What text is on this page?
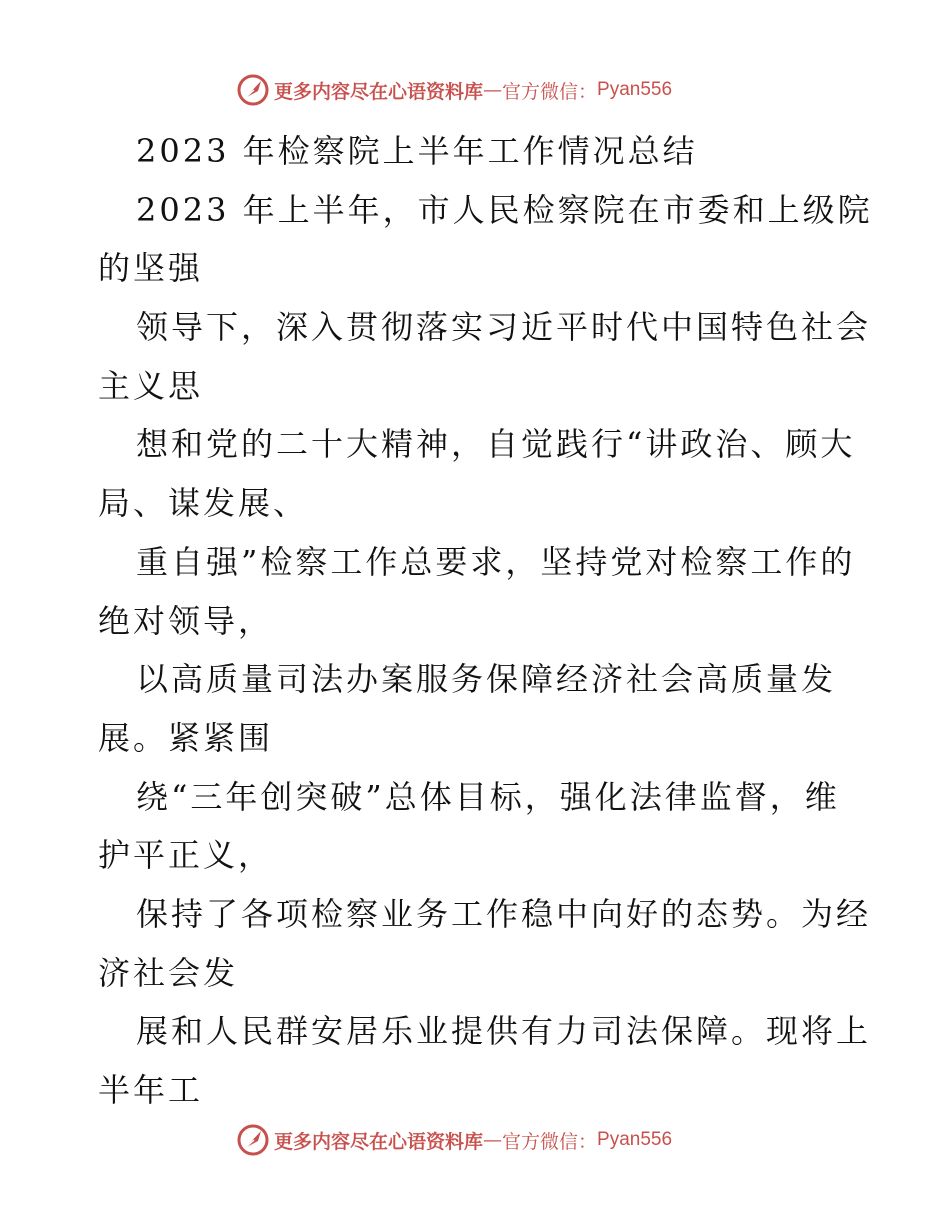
更多内容尽在心语资料库 — 官方微信： Pyan556
2023 年检察院上半年工作情况总结
2023 年上半年，市人民检察院在市委和上级院
的坚强
领导下，深入贯彻落实习近平时代中国特色社会
主义思
想和党的二十大精神，自觉践行“讲政治、顾大
局、谋发展、
重自强”检察工作总要求，坚持党对检察工作的
绝对领导，
以高质量司法办案服务保障经济社会高质量发
展。紧紧围
绕“三年创突破”总体目标，强化法律监督，维
护平正义，
保持了各项检察业务工作稳中向好的态势。为经
济社会发
展和人民群安居乐业提供有力司法保障。现将上
半年工
更多内容尽在心语资料库 — 官方微信： Pyan556
